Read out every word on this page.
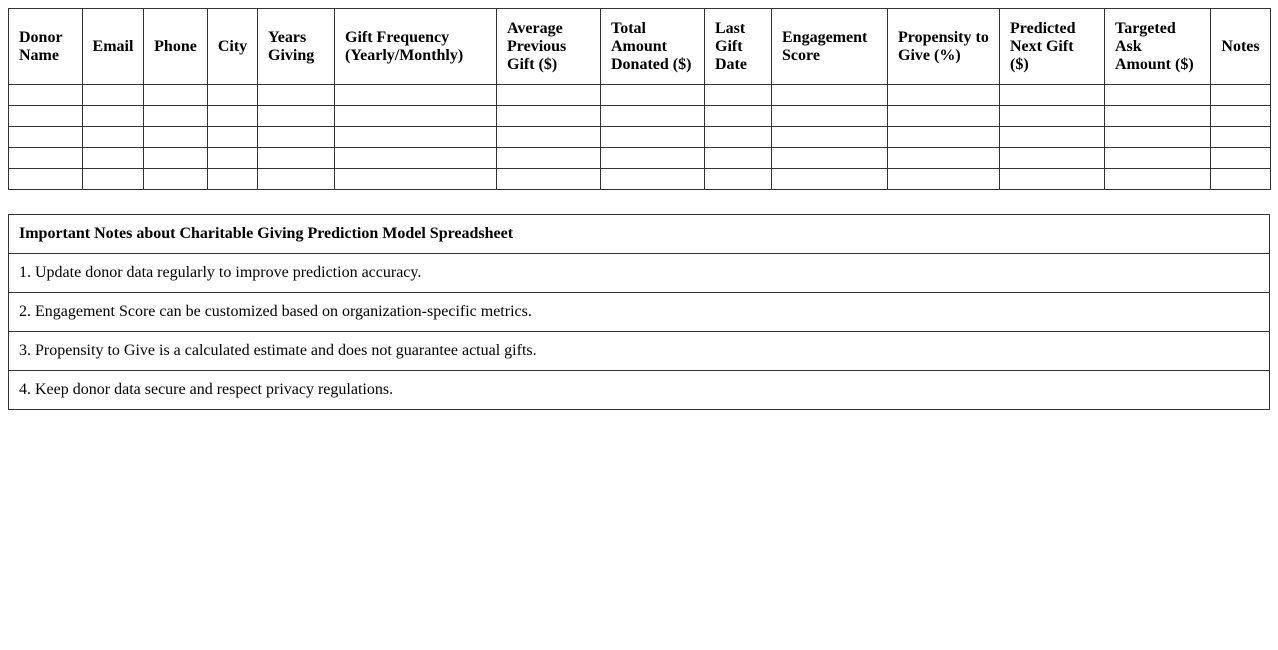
Donor Name	Email	Phone	City	Years Giving	Gift Frequency (Yearly/Monthly)	Average Previous Gift ($)	Total Amount Donated ($)	Last Gift Date	Engagement Score	Propensity to Give (%)	Predicted Next Gift ($)	Targeted Ask Amount ($)	Notes

Important Notes about Charitable Giving Prediction Model Spreadsheet
1. Update donor data regularly to improve prediction accuracy.
2. Engagement Score can be customized based on organization-specific metrics.
3. Propensity to Give is a calculated estimate and does not guarantee actual gifts.
4. Keep donor data secure and respect privacy regulations.
